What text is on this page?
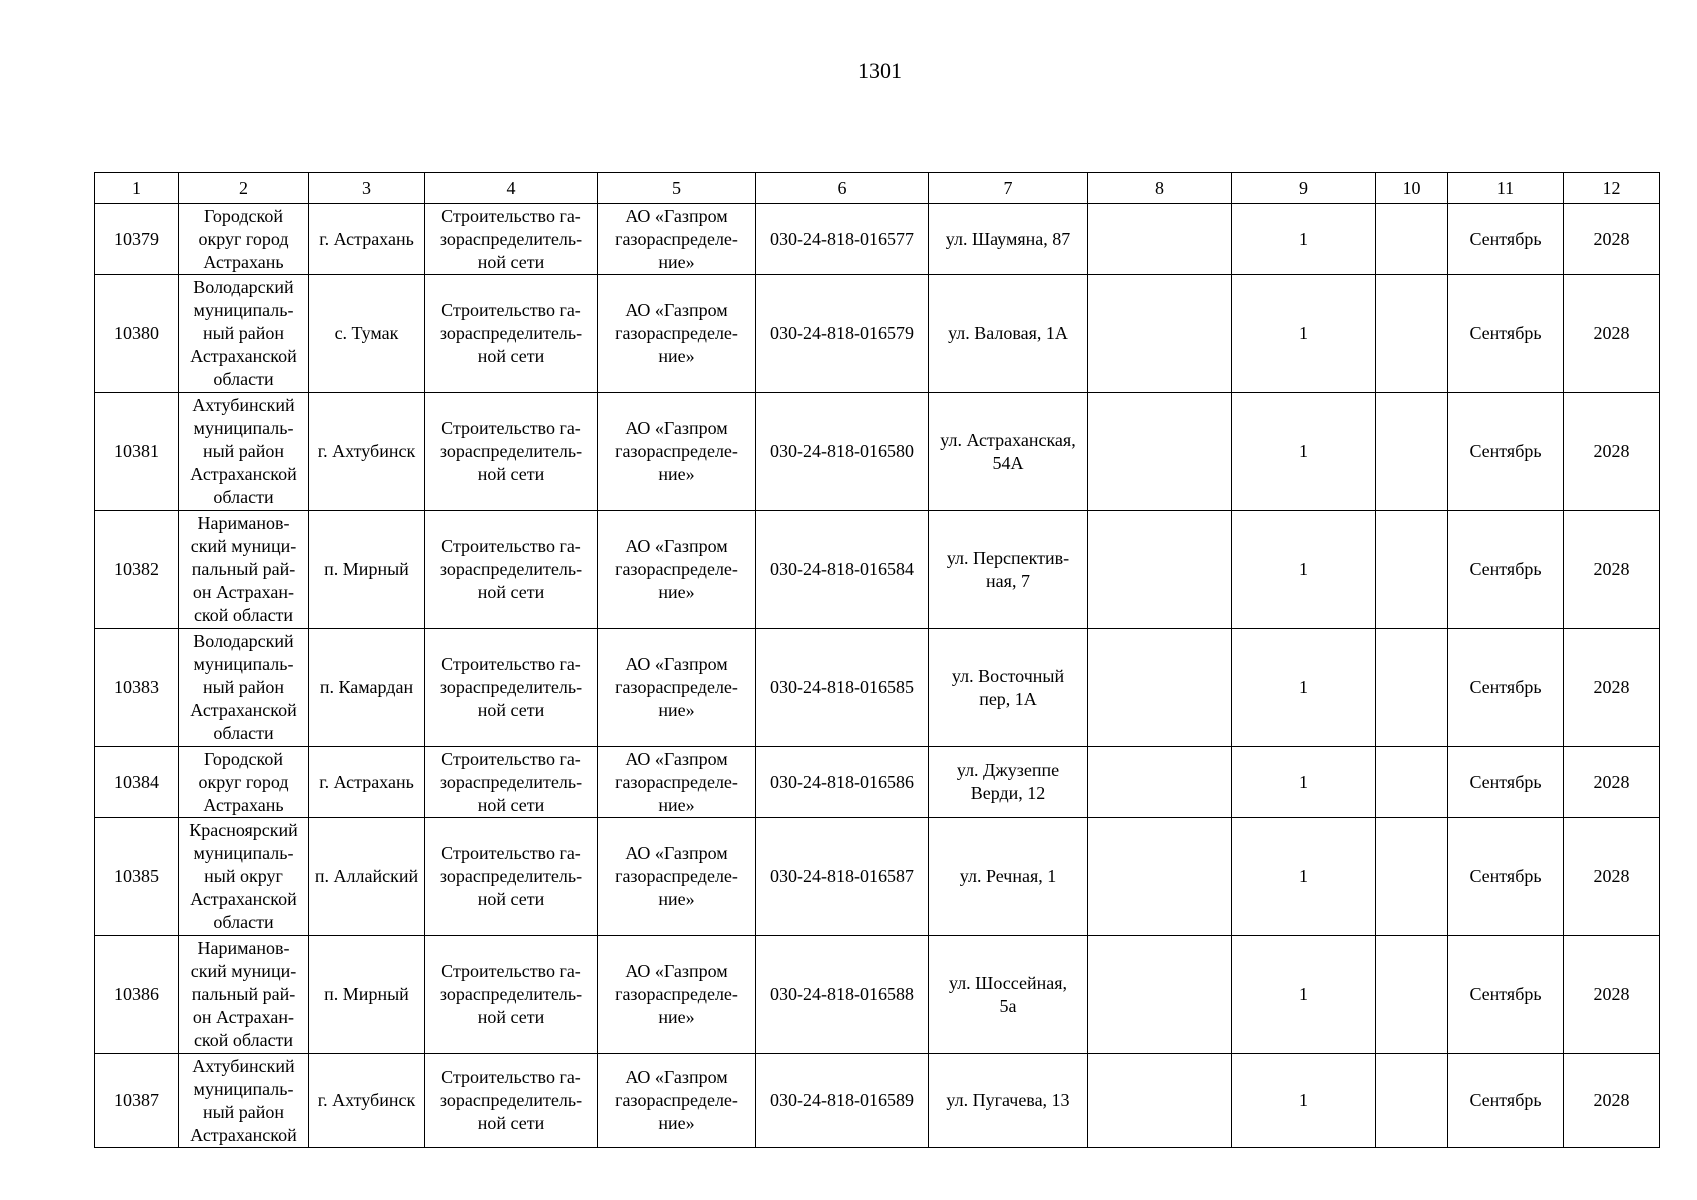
1301
1	2	3	4	5	6	7	8	9	10	11	12
10379	Городской
округ город
Астрахань	г. Астрахань	Строительство га-
зораспределитель-
ной сети	АО «Газпром
газораспределе-
ние»	030-24-818-016577	ул. Шаумяна, 87		1		Сентябрь	2028
10380	Володарский
муниципаль-
ный район
Астраханской
области	с. Тумак	Строительство га-
зораспределитель-
ной сети	АО «Газпром
газораспределе-
ние»	030-24-818-016579	ул. Валовая, 1А		1		Сентябрь	2028
10381	Ахтубинский
муниципаль-
ный район
Астраханской
области	г. Ахтубинск	Строительство га-
зораспределитель-
ной сети	АО «Газпром
газораспределе-
ние»	030-24-818-016580	ул. Астраханская,
54А		1		Сентябрь	2028
10382	Нариманов-
ский муници-
пальный рай-
он Астрахан-
ской области	п. Мирный	Строительство га-
зораспределитель-
ной сети	АО «Газпром
газораспределе-
ние»	030-24-818-016584	ул. Перспектив-
ная, 7		1		Сентябрь	2028
10383	Володарский
муниципаль-
ный район
Астраханской
области	п. Камардан	Строительство га-
зораспределитель-
ной сети	АО «Газпром
газораспределе-
ние»	030-24-818-016585	ул. Восточный
пер, 1А		1		Сентябрь	2028
10384	Городской
округ город
Астрахань	г. Астрахань	Строительство га-
зораспределитель-
ной сети	АО «Газпром
газораспределе-
ние»	030-24-818-016586	ул. Джузеппе
Верди, 12		1		Сентябрь	2028
10385	Красноярский
муниципаль-
ный округ
Астраханской
области	п. Аллайский	Строительство га-
зораспределитель-
ной сети	АО «Газпром
газораспределе-
ние»	030-24-818-016587	ул. Речная, 1		1		Сентябрь	2028
10386	Нариманов-
ский муници-
пальный рай-
он Астрахан-
ской области	п. Мирный	Строительство га-
зораспределитель-
ной сети	АО «Газпром
газораспределе-
ние»	030-24-818-016588	ул. Шоссейная,
5а		1		Сентябрь	2028
10387	Ахтубинский
муниципаль-
ный район
Астраханской	г. Ахтубинск	Строительство га-
зораспределитель-
ной сети	АО «Газпром
газораспределе-
ние»	030-24-818-016589	ул. Пугачева, 13		1		Сентябрь	2028
